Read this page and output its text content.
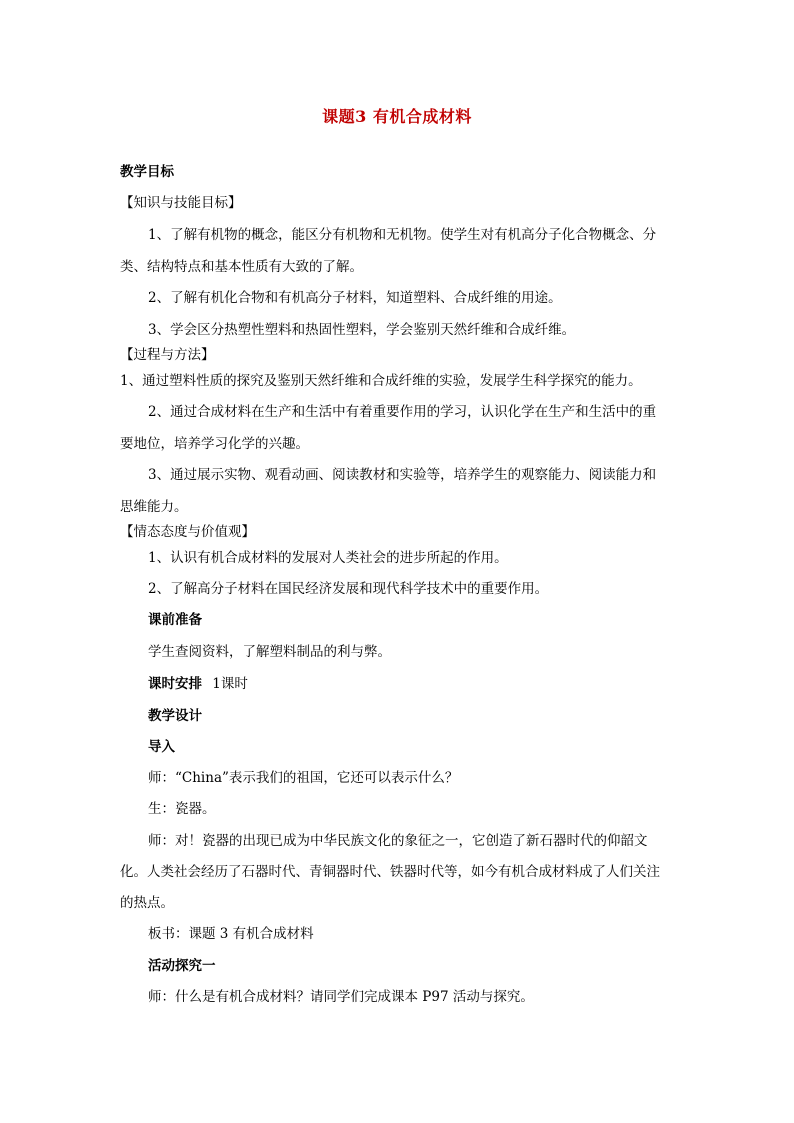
课题3 有机合成材料
教学目标
【知识与技能目标】
1、了解有机物的概念，能区分有机物和无机物。使学生对有机高分子化合物概念、分
类、结构特点和基本性质有大致的了解。
2、了解有机化合物和有机高分子材料，知道塑料、合成纤维的用途。
3、学会区分热塑性塑料和热固性塑料，学会鉴别天然纤维和合成纤维。
【过程与方法】
1、通过塑料性质的探究及鉴别天然纤维和合成纤维的实验，发展学生科学探究的能力。
2、通过合成材料在生产和生活中有着重要作用的学习，认识化学在生产和生活中的重
要地位，培养学习化学的兴趣。
3、通过展示实物、观看动画、阅读教材和实验等，培养学生的观察能力、阅读能力和
思维能力。
【情态态度与价值观】
1、认识有机合成材料的发展对人类社会的进步所起的作用。
2、了解高分子材料在国民经济发展和现代科学技术中的重要作用。
课前准备
学生查阅资料，了解塑料制品的利与弊。
课时安排 1课时
教学设计
导入
师：“China”表示我们的祖国，它还可以表示什么？
生：瓷器。
师：对！瓷器的出现已成为中华民族文化的象征之一，它创造了新石器时代的仰韶文
化。人类社会经历了石器时代、青铜器时代、铁器时代等，如今有机合成材料成了人们关注
的热点。
板书：课题 3 有机合成材料
活动探究一
师：什么是有机合成材料？请同学们完成课本 P97 活动与探究。
